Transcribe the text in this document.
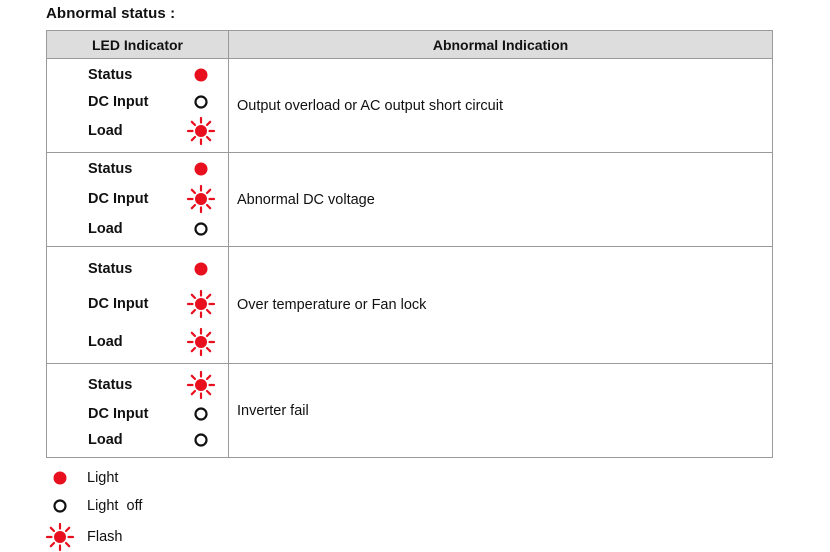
Abnormal status :
LED Indicator	Abnormal Indication

Status
DC Input
Load	Output overload or AC output short circuit

Status
DC Input
Load	Abnormal DC voltage

Status
DC Input
Load	Over temperature or Fan lock

Status
DC Input
Load	Inverter fail
Light
Light  off
Flash
